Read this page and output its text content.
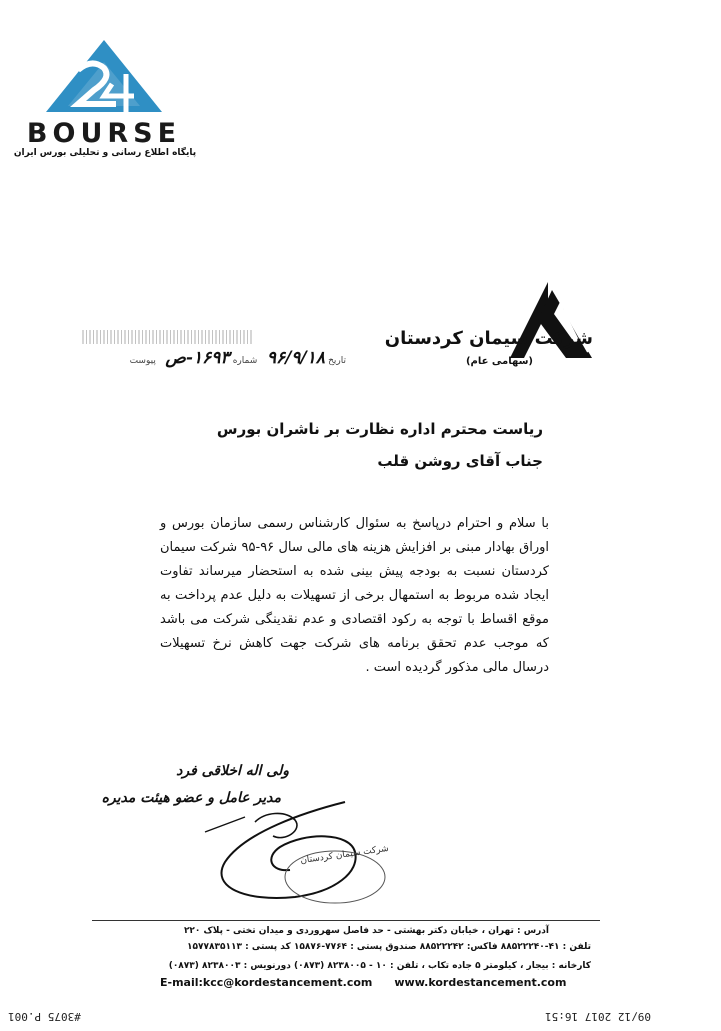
BOURSE
پایگاه اطلاع رسانی و تحلیلی بورس ایران
شرکت سیمان کردستان
(سهامی عام)
تاریخ ۹۶/۹/۱۸   شماره ۱۶۹۳-ص   پیوست
ریاست محترم اداره نظارت بر ناشران بورس
جناب آقای روشن قلب

با سلام و احترام درپاسخ به سئوال کارشناس رسمی سازمان بورس و اوراق بهادار مبنی بر افزایش هزینه های مالی سال ۹۶-۹۵ شرکت سیمان کردستان نسبت به بودجه پیش بینی شده به استحضار میرساند تفاوت ایجاد شده مربوط به استمهال برخی از تسهیلات به دلیل عدم پرداخت به موقع اقساط با توجه به رکود اقتصادی و عدم نقدینگی شرکت می باشد که موجب عدم تحقق برنامه های شرکت جهت کاهش نرخ تسهیلات درسال مالی مذکور گردیده است .

ولی اله اخلاقی فرد
مدیر عامل و عضو هیئت مدیره
شرکت سیمان کردستان
آدرس : تهران ، خیابان دکتر بهشتی - حد فاصل سهروردی و میدان تختی - پلاک ۲۲۰
تلفن : ۴۱-۸۸۵۲۲۲۴۰ فاکس: ۸۸۵۲۲۲۴۲ صندوق پستی : ۷۷۶۴-۱۵۸۷۶ کد پستی : ۱۵۷۷۸۳۵۱۱۳
کارخانه : بیجار ، کیلومتر ۵ جاده تکاب ، تلفن : ۱۰ - ۸۲۳۸۰۰۵ (۰۸۷۳) دورنویس : ۸۲۳۸۰۰۳ (۰۸۷۳)
E-mail:kcc@kordestancement.com www.kordestancement.com
#3075 P.001	09/12 2017 16:51
